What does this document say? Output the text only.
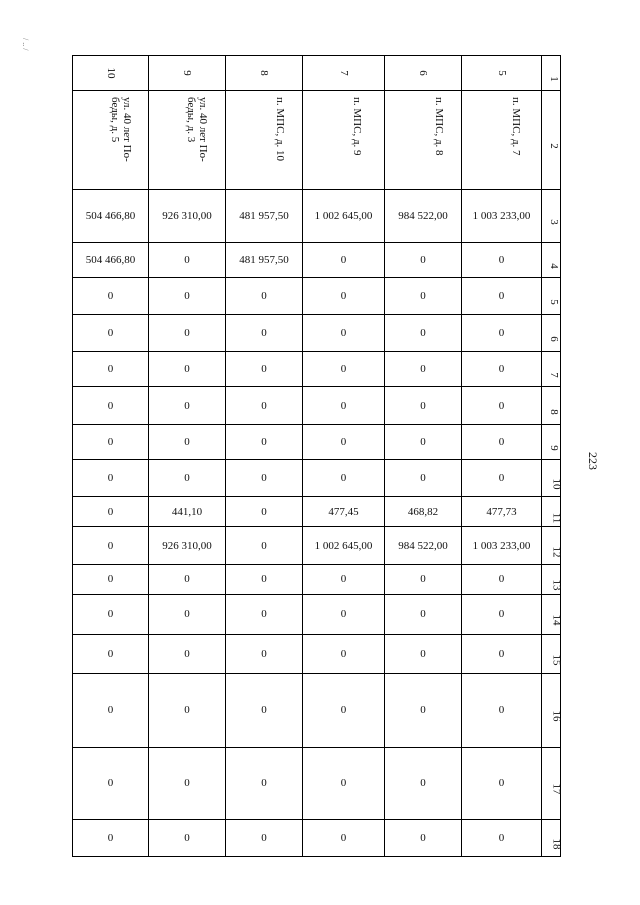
/ .. /
223
10	9	8	7	6	5	1

ул. 40 лет По-беды, д. 5	ул. 40 лет По-беды, д. 3	п. МПС, д. 10	п. МПС, д. 9	п. МПС, д. 8	п. МПС, д. 7	2

504 466,80	926 310,00	481 957,50	1 002 645,00	984 522,00	1 003 233,00	3

504 466,80	0	481 957,50	0	0	0	4

0	0	0	0	0	0	5

0	0	0	0	0	0	6

0	0	0	0	0	0	7

0	0	0	0	0	0	8

0	0	0	0	0	0	9

0	0	0	0	0	0	10

0	441,10	0	477,45	468,82	477,73	11

0	926 310,00	0	1 002 645,00	984 522,00	1 003 233,00	12

0	0	0	0	0	0	13

0	0	0	0	0	0	14

0	0	0	0	0	0	15

0	0	0	0	0	0	16

0	0	0	0	0	0	17

0	0	0	0	0	0	18
